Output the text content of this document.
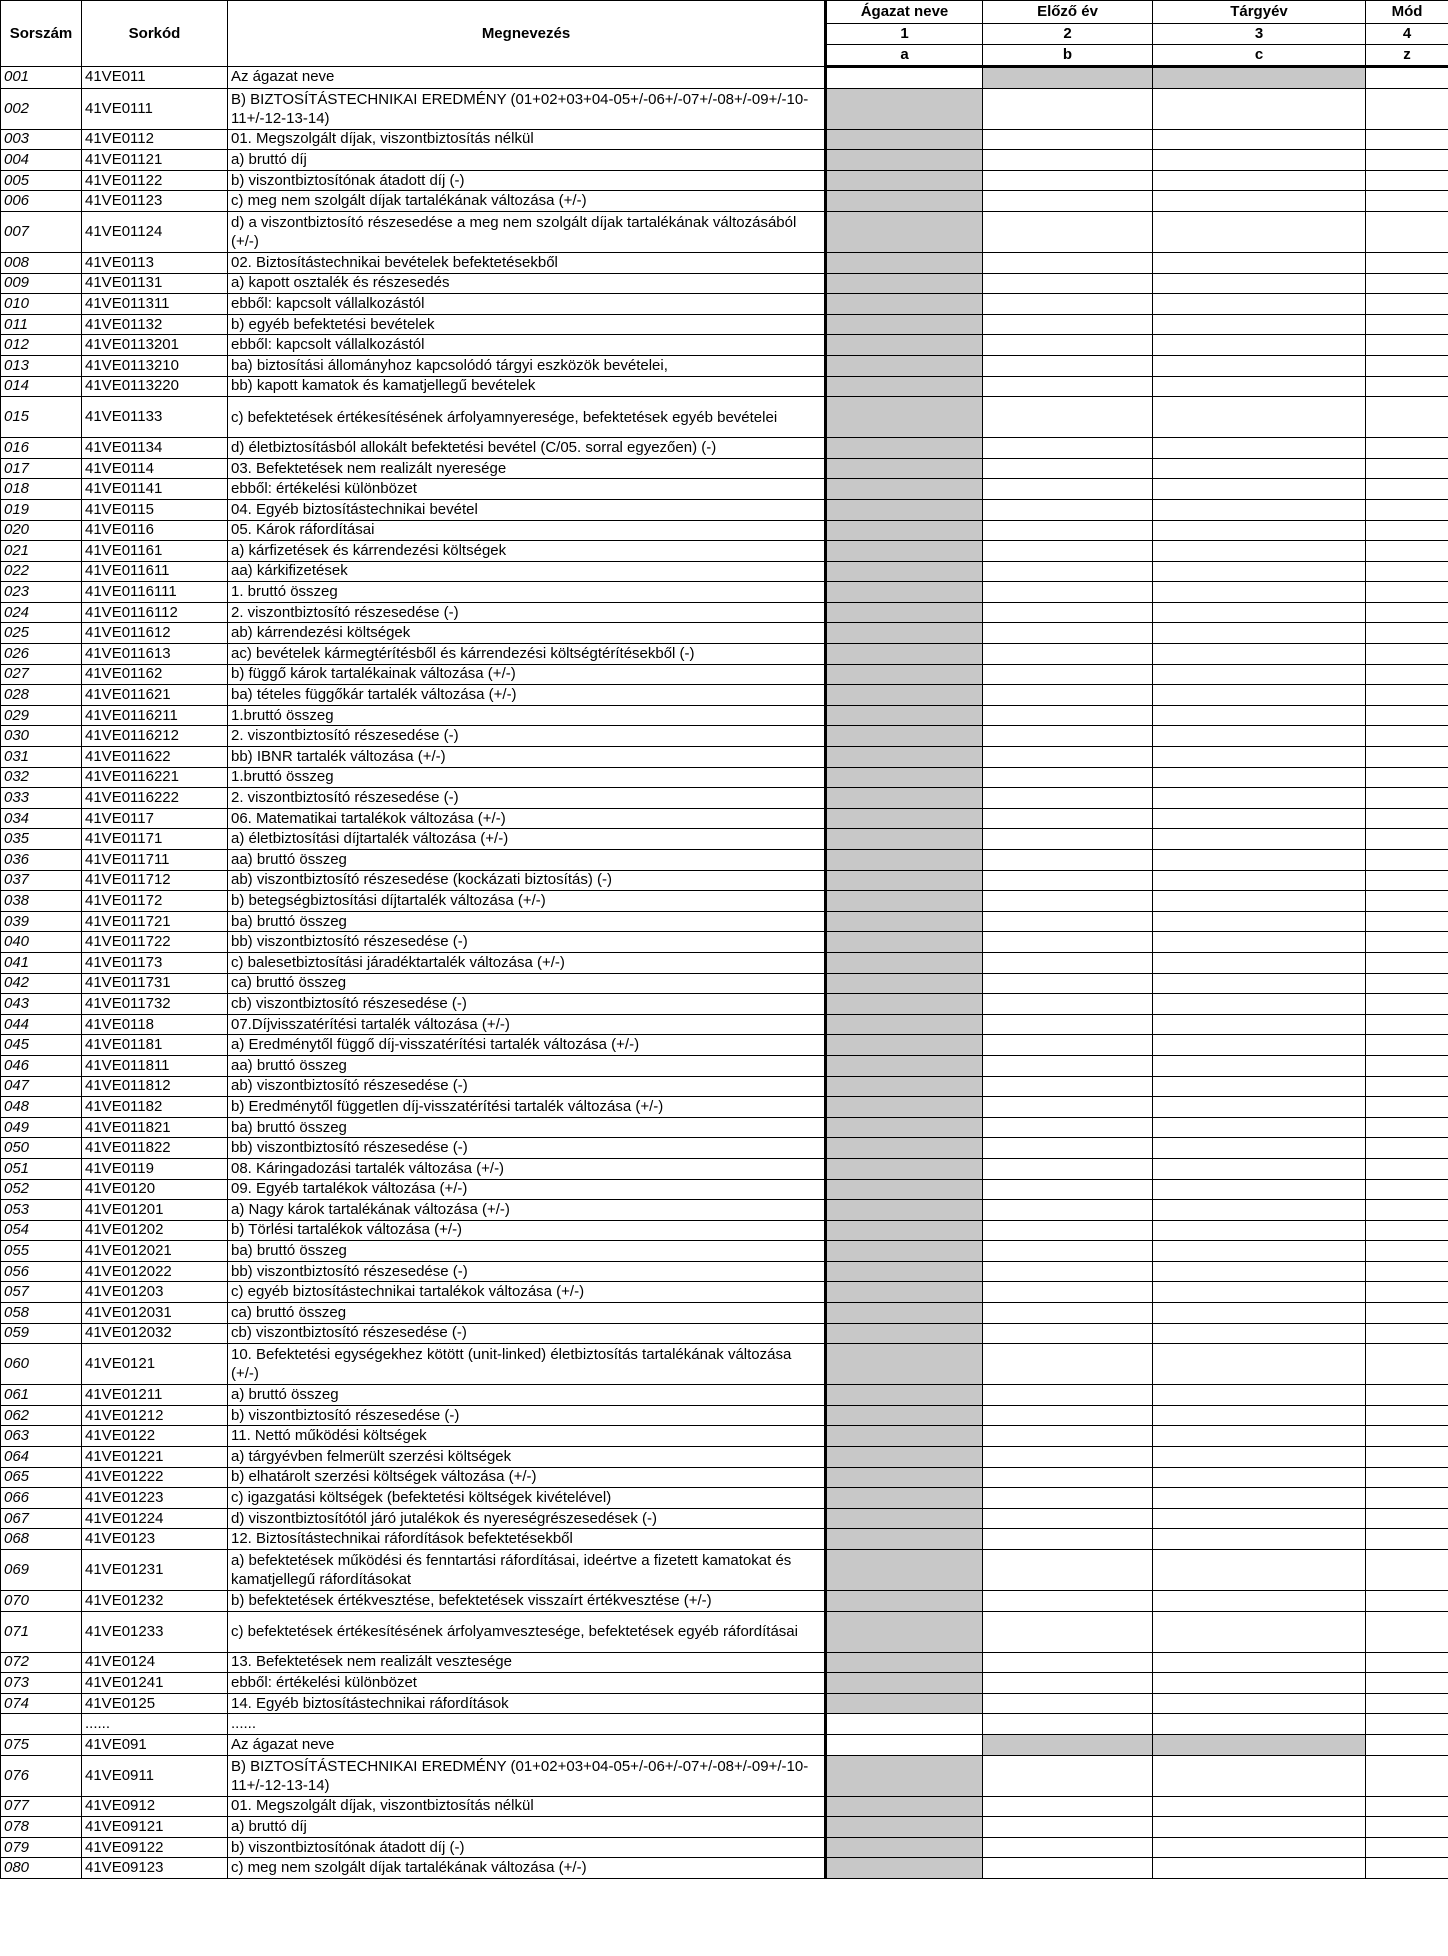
Sorszám	Sorkód	Megnevezés	Ágazat neve	Előző év	Tárgyév	Mód
			1	2	3	4
			a	b	c	z
001	41VE011	Az ágazat neve				
002	41VE0111	B) BIZTOSÍTÁSTECHNIKAI EREDMÉNY (01+02+03+04-05+/-06+/-07+/-08+/-09+/-10-11+/-12-13-14)				
003	41VE0112	01. Megszolgált díjak, viszontbiztosítás nélkül				
004	41VE01121	a) bruttó díj				
005	41VE01122	b) viszontbiztosítónak átadott díj (-)				
006	41VE01123	c) meg nem szolgált díjak tartalékának változása (+/-)				
007	41VE01124	d) a viszontbiztosító részesedése a meg nem szolgált díjak tartalékának változásából (+/-)				
008	41VE0113	02. Biztosítástechnikai bevételek befektetésekből				
009	41VE01131	a) kapott osztalék és részesedés				
010	41VE011311	ebből: kapcsolt vállalkozástól				
011	41VE01132	b) egyéb befektetési bevételek				
012	41VE0113201	ebből: kapcsolt vállalkozástól				
013	41VE0113210	ba) biztosítási állományhoz kapcsolódó tárgyi eszközök bevételei,				
014	41VE0113220	bb) kapott kamatok és kamatjellegű bevételek				
015	41VE01133	c) befektetések értékesítésének árfolyamnyeresége, befektetések egyéb bevételei				
016	41VE01134	d) életbiztosításból allokált befektetési bevétel (C/05. sorral egyezően) (-)				
017	41VE0114	03. Befektetések nem realizált nyeresége				
018	41VE01141	ebből: értékelési különbözet				
019	41VE0115	04. Egyéb biztosítástechnikai bevétel				
020	41VE0116	05. Károk ráfordításai				
021	41VE01161	a) kárfizetések és kárrendezési költségek				
022	41VE011611	aa) kárkifizetések				
023	41VE0116111	1. bruttó összeg				
024	41VE0116112	2. viszontbiztosító részesedése (-)				
025	41VE011612	ab) kárrendezési költségek				
026	41VE011613	ac) bevételek kármegtérítésből és kárrendezési költségtérítésekből (-)				
027	41VE01162	b) függő károk tartalékainak változása (+/-)				
028	41VE011621	ba) tételes függőkár tartalék változása (+/-)				
029	41VE0116211	1.bruttó összeg				
030	41VE0116212	2. viszontbiztosító részesedése (-)				
031	41VE011622	bb) IBNR tartalék változása (+/-)				
032	41VE0116221	1.bruttó összeg				
033	41VE0116222	2. viszontbiztosító részesedése (-)				
034	41VE0117	06. Matematikai tartalékok változása (+/-)				
035	41VE01171	a) életbiztosítási díjtartalék változása (+/-)				
036	41VE011711	aa) bruttó összeg				
037	41VE011712	ab) viszontbiztosító részesedése (kockázati biztosítás) (-)				
038	41VE01172	b) betegségbiztosítási díjtartalék változása (+/-)				
039	41VE011721	ba) bruttó összeg				
040	41VE011722	bb) viszontbiztosító részesedése (-)				
041	41VE01173	c) balesetbiztosítási járadéktartalék változása (+/-)				
042	41VE011731	ca) bruttó összeg				
043	41VE011732	cb) viszontbiztosító részesedése (-)				
044	41VE0118	07.Díjvisszatérítési tartalék változása (+/-)				
045	41VE01181	a) Eredménytől függő díj-visszatérítési tartalék változása (+/-)				
046	41VE011811	aa) bruttó összeg				
047	41VE011812	ab) viszontbiztosító részesedése (-)				
048	41VE01182	b) Eredménytől független díj-visszatérítési tartalék változása (+/-)				
049	41VE011821	ba) bruttó összeg				
050	41VE011822	bb) viszontbiztosító részesedése (-)				
051	41VE0119	08. Káringadozási tartalék változása (+/-)				
052	41VE0120	09. Egyéb tartalékok változása (+/-)				
053	41VE01201	a) Nagy károk tartalékának változása (+/-)				
054	41VE01202	b) Törlési tartalékok változása (+/-)				
055	41VE012021	ba) bruttó összeg				
056	41VE012022	bb) viszontbiztosító részesedése (-)				
057	41VE01203	c) egyéb biztosítástechnikai tartalékok változása (+/-)				
058	41VE012031	ca) bruttó összeg				
059	41VE012032	cb) viszontbiztosító részesedése (-)				
060	41VE0121	10. Befektetési egységekhez kötött (unit-linked) életbiztosítás tartalékának változása (+/-)				
061	41VE01211	a) bruttó összeg				
062	41VE01212	b) viszontbiztosító részesedése (-)				
063	41VE0122	11. Nettó működési költségek				
064	41VE01221	a) tárgyévben felmerült szerzési költségek				
065	41VE01222	b) elhatárolt szerzési költségek változása (+/-)				
066	41VE01223	c) igazgatási költségek (befektetési költségek kivételével)				
067	41VE01224	d) viszontbiztosítótól járó jutalékok és nyereségrészesedések (-)				
068	41VE0123	12. Biztosítástechnikai ráfordítások befektetésekből				
069	41VE01231	a) befektetések működési és fenntartási ráfordításai, ideértve a fizetett kamatokat és kamatjellegű ráfordításokat				
070	41VE01232	b) befektetések értékvesztése, befektetések visszaírt értékvesztése (+/-)				
071	41VE01233	c) befektetések értékesítésének árfolyamvesztesége, befektetések egyéb ráfordításai				
072	41VE0124	13. Befektetések nem realizált vesztesége				
073	41VE01241	ebből: értékelési különbözet				
074	41VE0125	14. Egyéb biztosítástechnikai ráfordítások				
	......	......				
075	41VE091	Az ágazat neve				
076	41VE0911	B) BIZTOSÍTÁSTECHNIKAI EREDMÉNY (01+02+03+04-05+/-06+/-07+/-08+/-09+/-10-11+/-12-13-14)				
077	41VE0912	01. Megszolgált díjak, viszontbiztosítás nélkül				
078	41VE09121	a) bruttó díj				
079	41VE09122	b) viszontbiztosítónak átadott díj (-)				
080	41VE09123	c) meg nem szolgált díjak tartalékának változása (+/-)				
